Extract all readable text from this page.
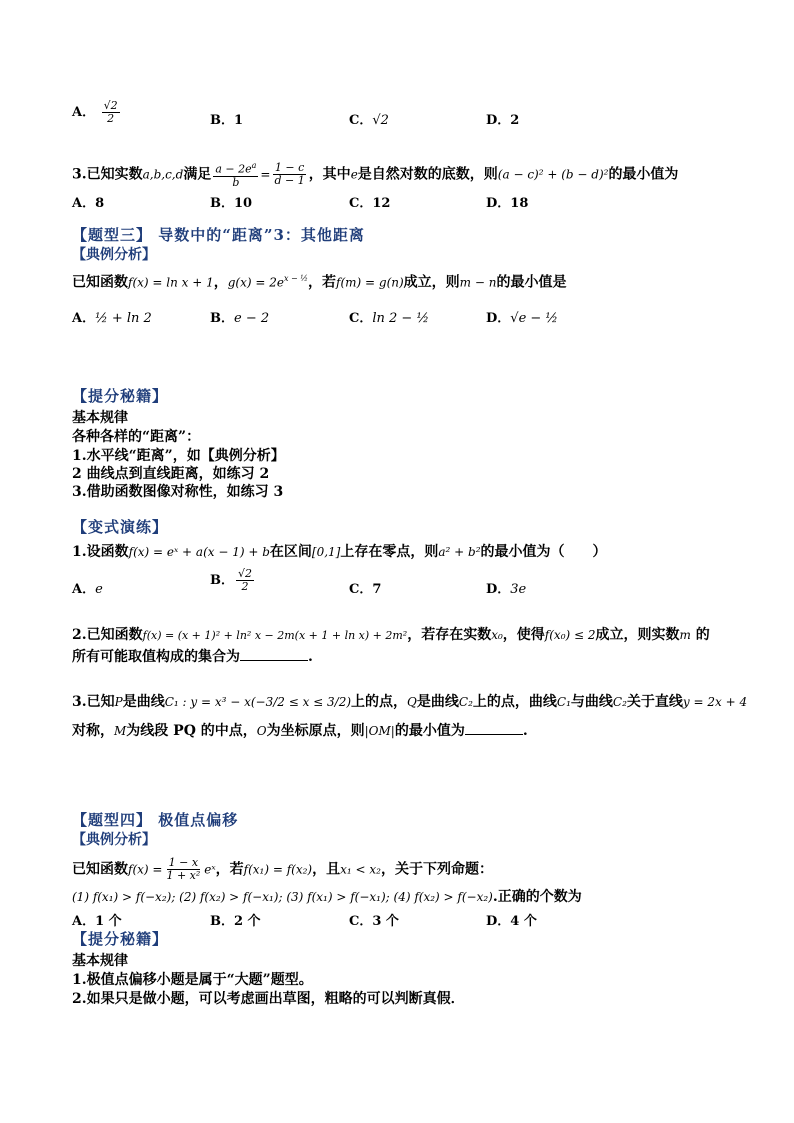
A． $\frac{√2}{2}$	B．1	C．√2	D．2
3.已知实数a,b,c,d满足 $\frac{a - 2e^a}{b} = \frac{1 - c}{d - 1}$ ，其中e是自然对数的底数，则(a − c)² + (b − d)²的最小值为
A．8	B．10	C．12	D．18
【题型三】 导数中的“距离”3：其他距离
【典例分析】
已知函数f(x) = ln x + 1，$g(x) = 2e^{x - \frac{1}{2}}$，若f(m) = g(n)成立，则m − n的最小值是
A．½ + ln 2	B．e − 2	C．ln 2 − ½	D．√e − ½
【提分秘籍】
基本规律
各种各样的“距离”：
1.水平线“距离”，如【典例分析】
2 曲线点到直线距离，如练习 2
3.借助函数图像对称性，如练习 3
【变式演练】
1.设函数f(x) = eˣ + a(x − 1) + b在区间[0,1]上存在零点，则a² + b²的最小值为（　　）
A．e
B． $\frac{√2}{2}$	C．7	D．3e
2.已知函数f(x) = (x + 1)² + ln² x − 2m(x + 1 + ln x) + 2m²，若存在实数x₀，使得f(x₀) ≤ 2成立，则实数m 的
所有可能取值构成的集合为	.
3.已知P是曲线C₁ : y = x³ − x(−3/2 ≤ x ≤ 3/2)上的点，Q是曲线C₂上的点，曲线C₁与曲线C₂关于直线y = 2x + 4
对称，M为线段 PQ 的中点，O为坐标原点，则|OM|的最小值为	.
【题型四】 极值点偏移
【典例分析】
已知函数$f(x) = \frac{1 - x}{\text{1 + x²}}$ eˣ，若f(x₁) = f(x₂)，且x₁ < x₂，关于下列命题：
(1) f(x₁) > f(−x₂); (2) f(x₂) > f(−x₁); (3) f(x₁) > f(−x₁); (4) f(x₂) > f(−x₂).正确的个数为
A．1 个	B．2 个	C．3 个	D．4 个
【提分秘籍】
基本规律
1.极值点偏移小题是属于“大题”题型。
2.如果只是做小题，可以考虑画出草图，粗略的可以判断真假．
